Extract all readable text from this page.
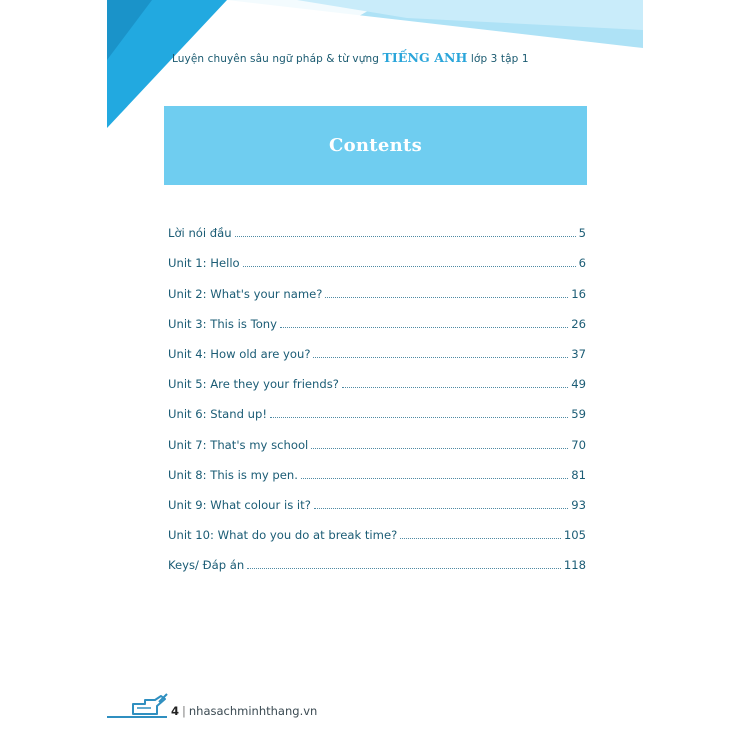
Luyện chuyên sâu ngữ pháp & từ vựng TIẾNG ANH lớp 3 tập 1
Contents
Lời nói đầu	5
Unit 1: Hello	6
Unit 2: What's your name?	16
Unit 3: This is Tony	26
Unit 4: How old are you?	37
Unit 5: Are they your friends?	49
Unit 6: Stand up!	59
Unit 7: That's my school	70
Unit 8: This is my pen.	81
Unit 9: What colour is it?	93
Unit 10: What do you do at break time?	105
Keys/ Đáp án	118
4 | nhasachminhthang.vn
